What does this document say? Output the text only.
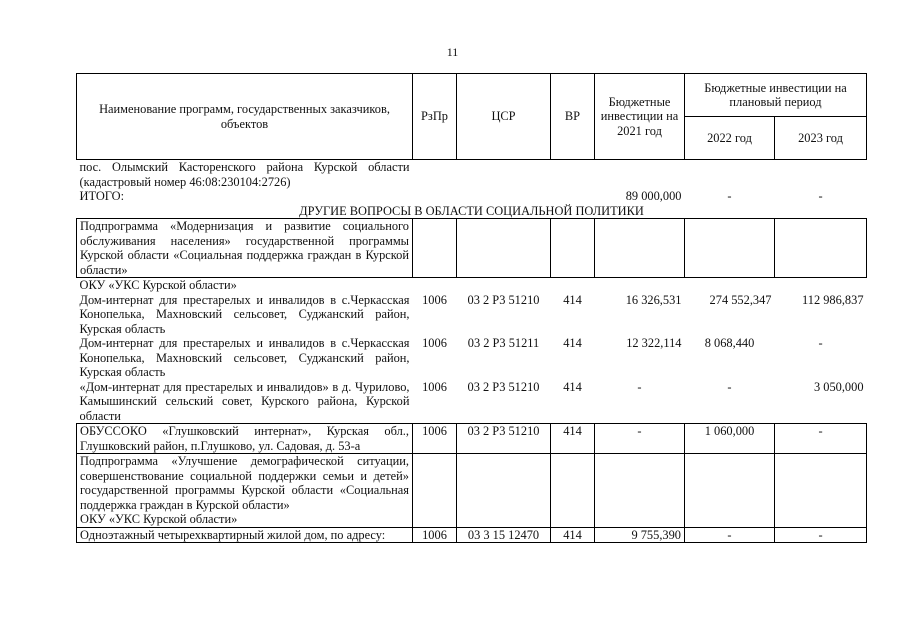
11
Наименование программ, государственных заказчиков, объектов	РзПр	ЦСР	ВР	Бюджетные инвестиции на 2021 год	Бюджетные инвестиции на плановый период	
					2022 год	2023 год
пос. Олымский Касторенского района Курской области (кадастровый номер 46:08:230104:2726)						
ИТОГО:				89 000,000	-	-
ДРУГИЕ ВОПРОСЫ В ОБЛАСТИ СОЦИАЛЬНОЙ ПОЛИТИКИ						
Подпрограмма «Модернизация и развитие социального обслуживания населения» государственной программы Курской области «Социальная поддержка граждан в Курской области»						
ОКУ «УКС Курской области»						
Дом-интернат для престарелых и инвалидов в с.Черкасская Конопелька, Махновский сельсовет, Суджанский район, Курская область	1006	03 2 Р3 51210	414	16 326,531	274 552,347	112 986,837
Дом-интернат для престарелых и инвалидов в с.Черкасская Конопелька, Махновский сельсовет, Суджанский район, Курская область	1006	03 2 Р3 51211	414	12 322,114	8 068,440	-
«Дом-интернат для престарелых и инвалидов» в д. Чурилово, Камышинский сельский совет, Курского района, Курской области	1006	03 2 Р3 51210	414	-	-	3 050,000
ОБУССОКО «Глушковский интернат», Курская обл., Глушковский район, п.Глушково, ул. Садовая, д. 53-а	1006	03 2 Р3 51210	414	-	1 060,000	-
Подпрограмма «Улучшение демографической ситуации, совершенствование социальной поддержки семьи и детей» государственной программы Курской области «Социальная поддержка граждан в Курской области»
ОКУ «УКС Курской области»						
Одноэтажный четырехквартирный жилой дом, по адресу:	1006	03 3 15 12470	414	9 755,390	-	-
